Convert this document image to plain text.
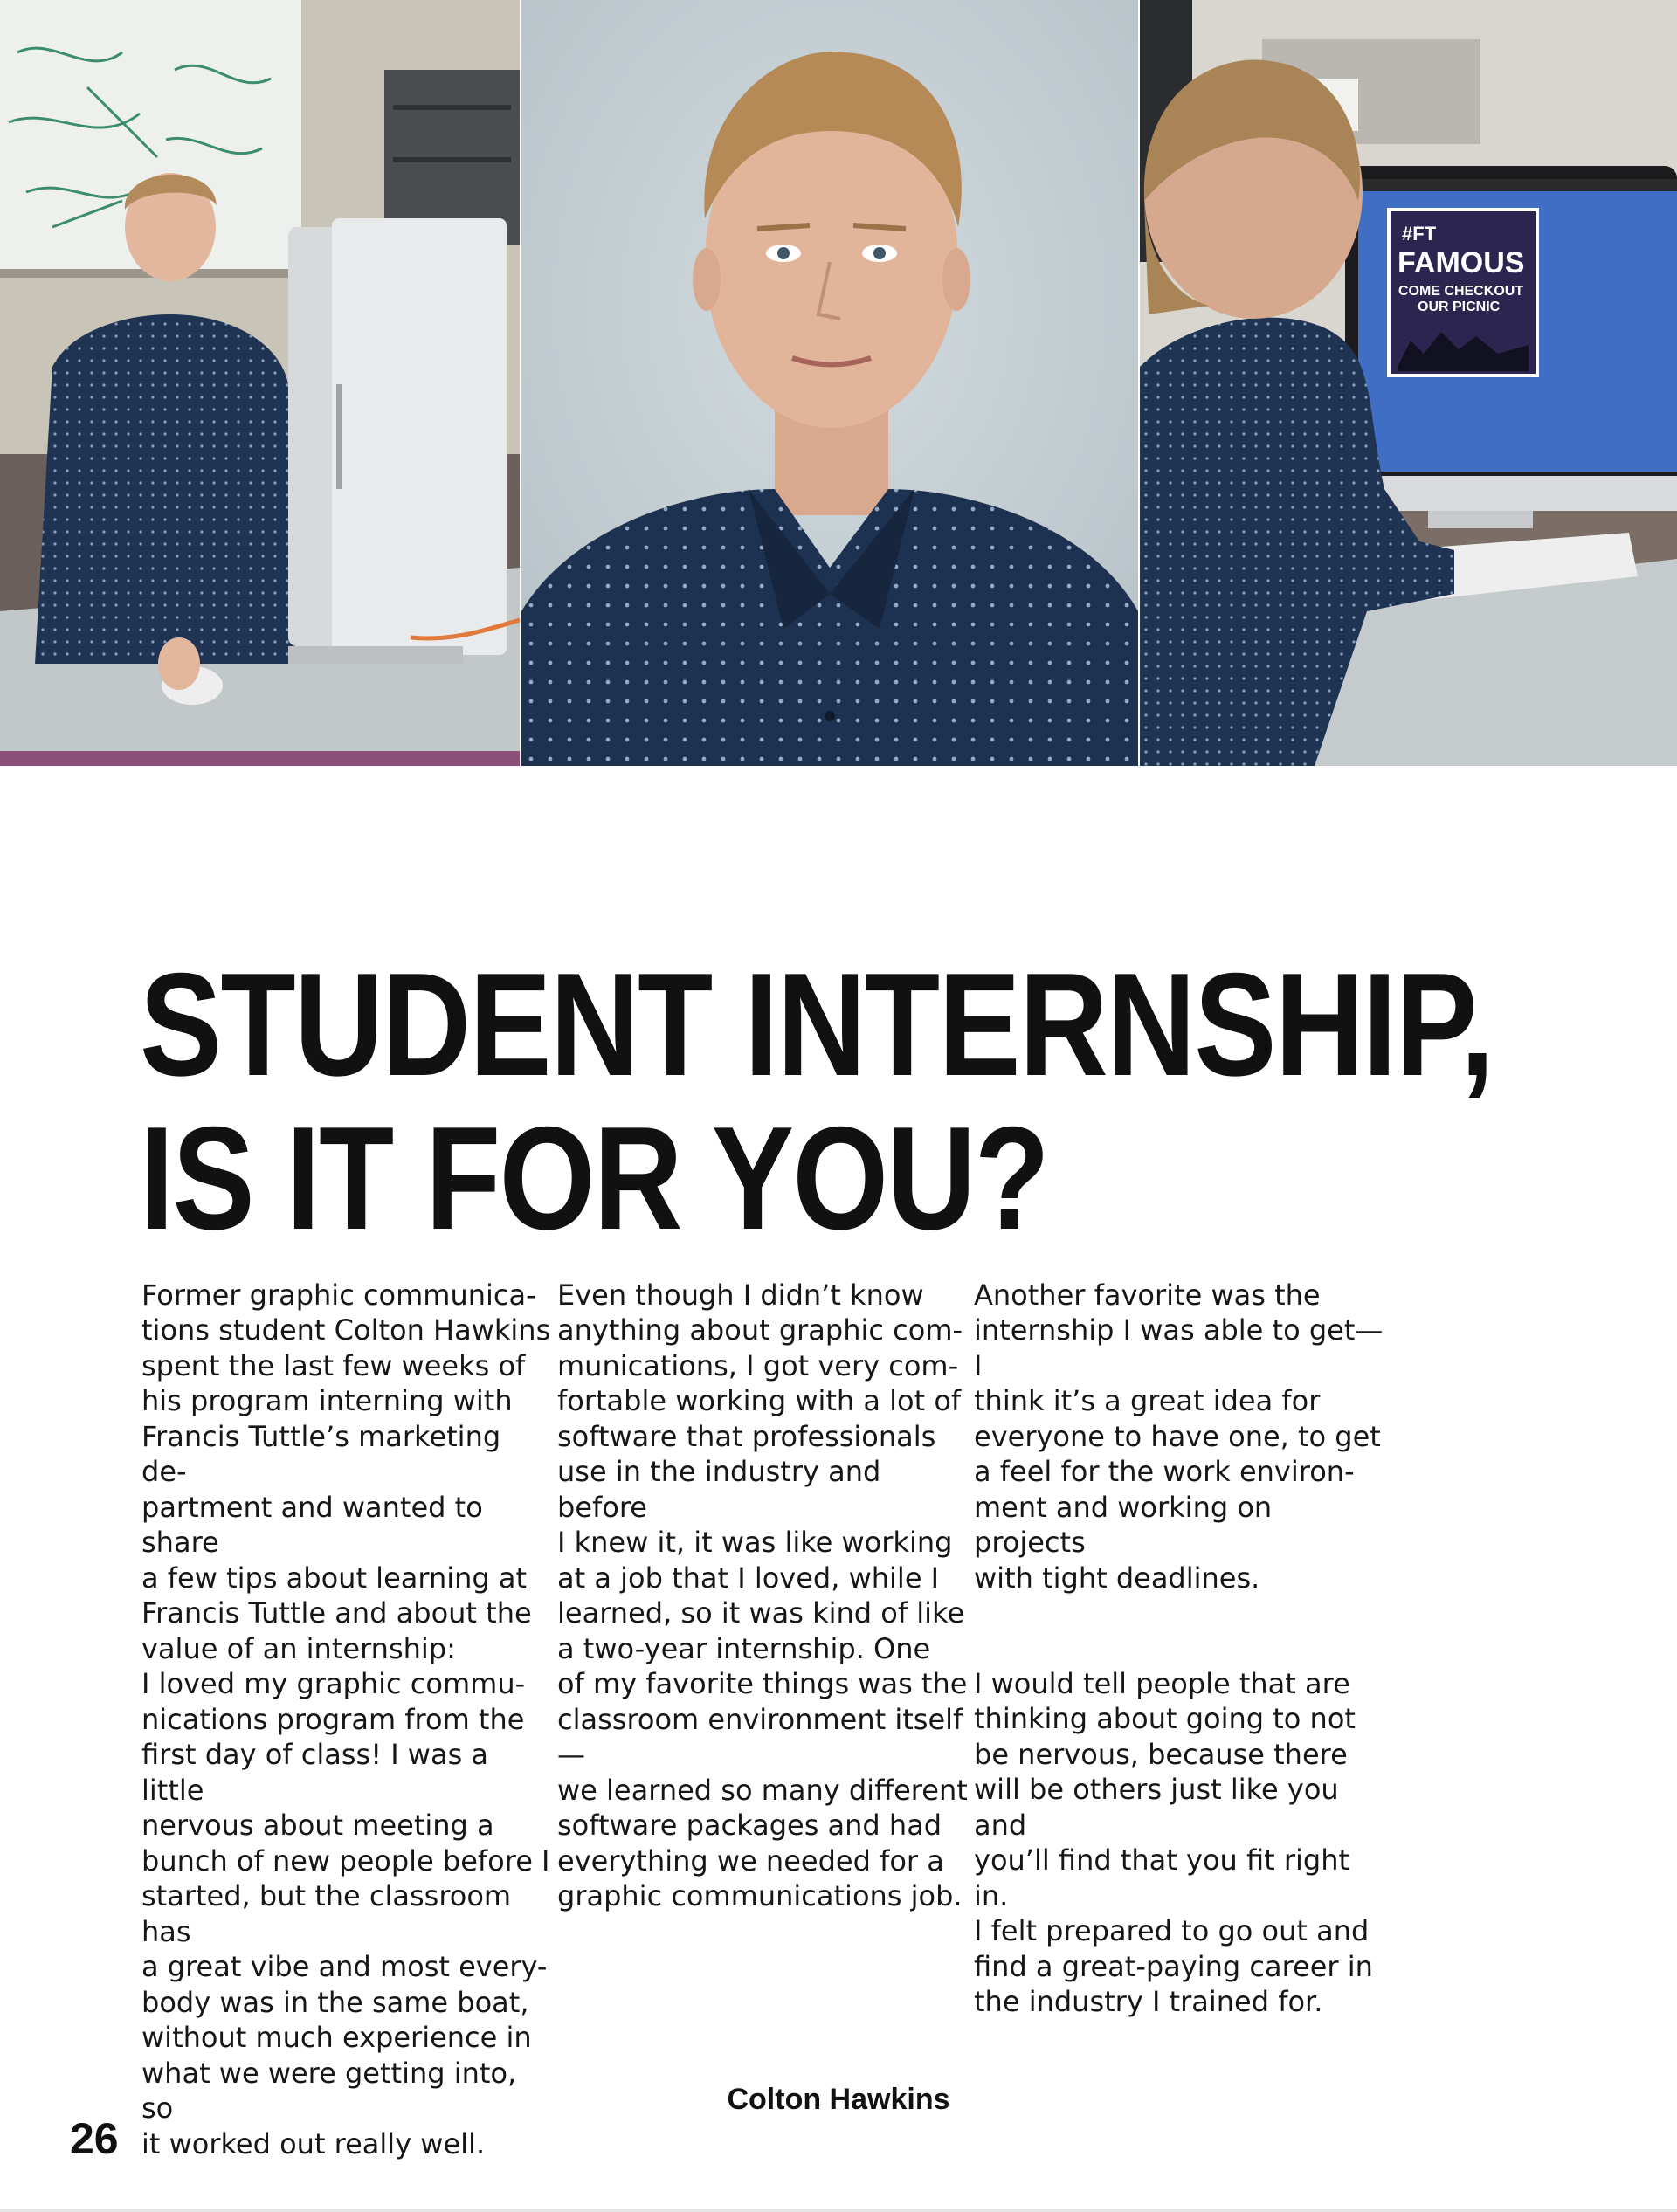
#FT
FAMOUS
COME CHECKOUT
OUR PICNIC
STUDENT INTERNSHIP,
IS IT FOR YOU?

Former graphic communica-
tions student Colton Hawkins
spent the last few weeks of
his program interning with
Francis Tuttle’s marketing de-
partment and wanted to share
a few tips about learning at
Francis Tuttle and about the
value of an internship:
I loved my graphic commu-
nications program from the
first day of class! I was a little
nervous about meeting a
bunch of new people before I
started, but the classroom has
a great vibe and most every-
body was in the same boat,
without much experience in
what we were getting into, so
it worked out really well.

Even though I didn’t know
anything about graphic com-
munications, I got very com-
fortable working with a lot of
software that professionals
use in the industry and before
I knew it, it was like working
at a job that I loved, while I
learned, so it was kind of like
a two-year internship. One
of my favorite things was the
classroom environment itself—
we learned so many different
software packages and had
everything we needed for a
graphic communications job.

Another favorite was the
internship I was able to get—I
think it’s a great idea for
everyone to have one, to get
a feel for the work environ-
ment and working on projects
with tight deadlines.

I would tell people that are
thinking about going to not
be nervous, because there
will be others just like you and
you’ll find that you fit right in.
I felt prepared to go out and
find a great-paying career in
the industry I trained for.

Colton Hawkins
26
